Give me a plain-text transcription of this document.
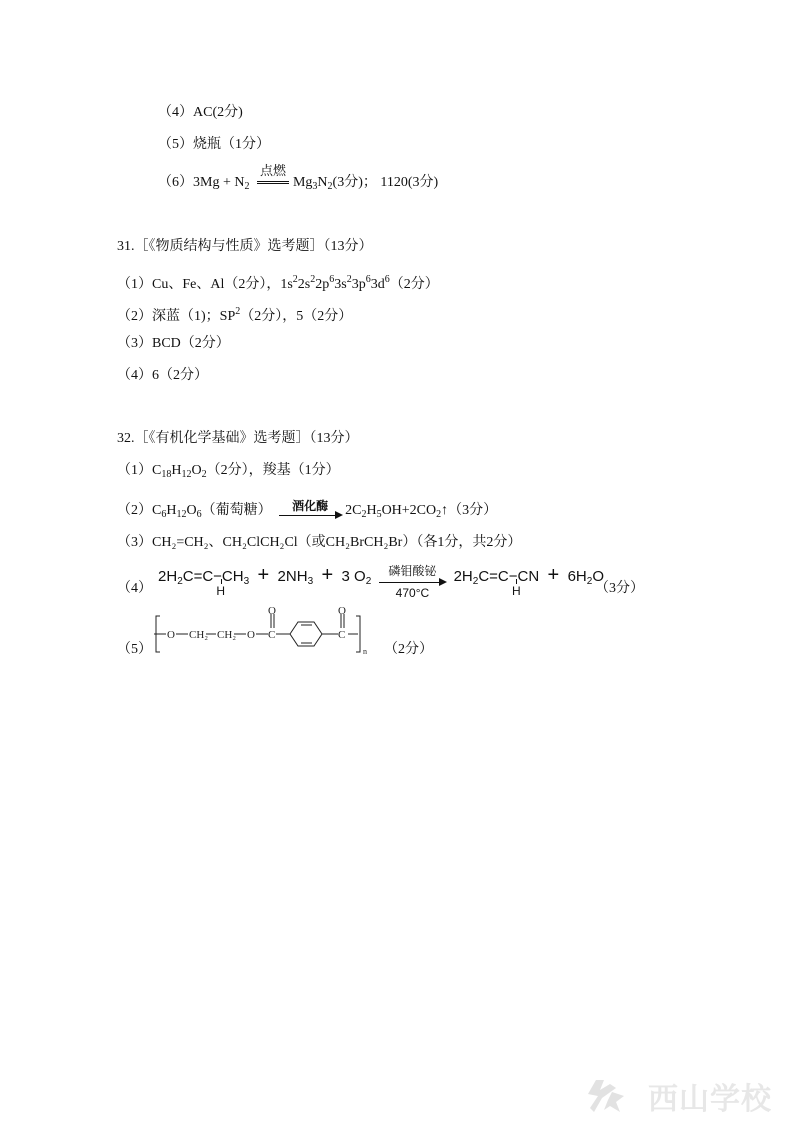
（4）AC(2分)
（5）烧瓶（1分）
$(6)3Mg + N_2$
点燃
$Mg_3N_2(3$分)； 1120(3分)
31.［《物质结构与性质》选考题］（13分）
（1）Cu、Fe、Al（2分），$1s^22s^22p^63s^23p^63d^6(2$分）
（2）深蓝（1)；$SP^2(2$分），5（2分）
（3）BCD（2分）
（4）6（2分）
32.［《有机化学基础》选考题］（13分）
$(1)C_{18}H_{12}O_2(2$分），羧基（1分）
$(2)C_6H_{12}O_6$（葡萄糖）	酒化酶	$2C_2H_5OH+2CO_2↑(3$分）
（3）CH₂=CH₂、CH₂ClCH₂Cl（或CH₂BrCH₂Br）（各1分，共2分）
（4）
$2H_2C=C-CH$
H
$_3 + 2NH_3 + 3$ $O_2$
磷钼酸铋
470°C
$2H_2C=C-CN$
H
+ $6H_2O$
（3分）
（5）
O CH₂ CH₂ O C
O
C
O
n （2分）
西山学校
